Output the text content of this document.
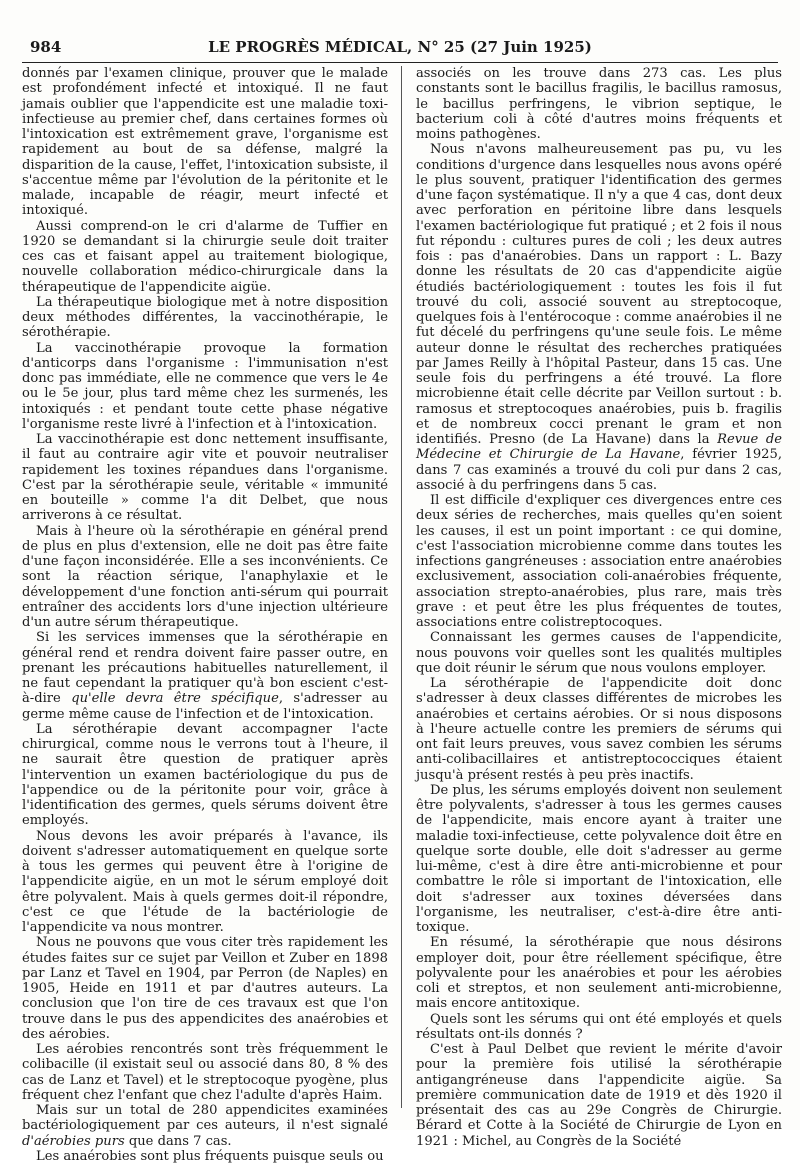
984	LE PROGRÈS MÉDICAL, N° 25 (27 Juin 1925)

donnés par l'examen clinique, prouver que le malade est profondément infecté et intoxiqué. Il ne faut jamais oublier que l'appendicite est une maladie toxi-infectieuse au premier chef, dans certaines formes où l'intoxication est extrêmement grave, l'organisme est rapidement au bout de sa défense, malgré la disparition de la cause, l'effet, l'intoxication subsiste, il s'accentue même par l'évolution de la péritonite et le malade, incapable de réagir, meurt infecté et intoxiqué.

Aussi comprend-on le cri d'alarme de Tuffier en 1920 se demandant si la chirurgie seule doit traiter ces cas et faisant appel au traitement biologique, nouvelle collaboration médico-chirurgicale dans la thérapeutique de l'appendicite aigüe.

La thérapeutique biologique met à notre disposition deux méthodes différentes, la vaccinothérapie, le sérothérapie.

La vaccinothérapie provoque la formation d'anticorps dans l'organisme : l'immunisation n'est donc pas immédiate, elle ne commence que vers le 4e ou le 5e jour, plus tard même chez les surmenés, les intoxiqués : et pendant toute cette phase négative l'organisme reste livré à l'infection et à l'intoxication.

La vaccinothérapie est donc nettement insuffisante, il faut au contraire agir vite et pouvoir neutraliser rapidement les toxines répandues dans l'organisme. C'est par la sérothérapie seule, véritable « immunité en bouteille » comme l'a dit Delbet, que nous arriverons à ce résultat.

Mais à l'heure où la sérothérapie en général prend de plus en plus d'extension, elle ne doit pas être faite d'une façon inconsidérée. Elle a ses inconvénients. Ce sont la réaction sérique, l'anaphylaxie et le développement d'une fonction anti-sérum qui pourrait entraîner des accidents lors d'une injection ultérieure d'un autre sérum thérapeutique.

Si les services immenses que la sérothérapie en général rend et rendra doivent faire passer outre, en prenant les précautions habituelles naturellement, il ne faut cependant la pratiquer qu'à bon escient c'est-à-dire qu'elle devra être spécifique, s'adresser au germe même cause de l'infection et de l'intoxication.

La sérothérapie devant accompagner l'acte chirurgical, comme nous le verrons tout à l'heure, il ne saurait être question de pratiquer après l'intervention un examen bactériologique du pus de l'appendice ou de la péritonite pour voir, grâce à l'identification des germes, quels sérums doivent être employés.

Nous devons les avoir préparés à l'avance, ils doivent s'adresser automatiquement en quelque sorte à tous les germes qui peuvent être à l'origine de l'appendicite aigüe, en un mot le sérum employé doit être polyvalent. Mais à quels germes doit-il répondre, c'est ce que l'étude de la bactériologie de l'appendicite va nous montrer.

Nous ne pouvons que vous citer très rapidement les études faites sur ce sujet par Veillon et Zuber en 1898 par Lanz et Tavel en 1904, par Perron (de Naples) en 1905, Heide en 1911 et par d'autres auteurs. La conclusion que l'on tire de ces travaux est que l'on trouve dans le pus des appendicites des anaérobies et des aérobies.

Les aérobies rencontrés sont très fréquemment le colibacille (il existait seul ou associé dans 80, 8 % des cas de Lanz et Tavel) et le streptocoque pyogène, plus fréquent chez l'enfant que chez l'adulte d'après Haim.

Mais sur un total de 280 appendicites examinées bactériologiquement par ces auteurs, il n'est signalé d'aérobies purs que dans 7 cas.

Les anaérobies sont plus fréquents puisque seuls ou

associés on les trouve dans 273 cas. Les plus constants sont le bacillus fragilis, le bacillus ramosus, le bacillus perfringens, le vibrion septique, le bacterium coli à côté d'autres moins fréquents et moins pathogènes.

Nous n'avons malheureusement pas pu, vu les conditions d'urgence dans lesquelles nous avons opéré le plus souvent, pratiquer l'identification des germes d'une façon systématique. Il n'y a que 4 cas, dont deux avec perforation en péritoine libre dans lesquels l'examen bactériologique fut pratiqué ; et 2 fois il nous fut répondu : cultures pures de coli ; les deux autres fois : pas d'anaérobies. Dans un rapport : L. Bazy donne les résultats de 20 cas d'appendicite aigüe étudiés bactériologiquement : toutes les fois il fut trouvé du coli, associé souvent au streptocoque, quelques fois à l'entérocoque : comme anaérobies il ne fut décelé du perfringens qu'une seule fois. Le même auteur donne le résultat des recherches pratiquées par James Reilly à l'hôpital Pasteur, dans 15 cas. Une seule fois du perfringens a été trouvé. La flore microbienne était celle décrite par Veillon surtout : b. ramosus et streptocoques anaérobies, puis b. fragilis et de nombreux cocci prenant le gram et non identifiés. Presno (de La Havane) dans la Revue de Médecine et Chirurgie de La Havane, février 1925, dans 7 cas examinés a trouvé du coli pur dans 2 cas, associé à du perfringens dans 5 cas.

Il est difficile d'expliquer ces divergences entre ces deux séries de recherches, mais quelles qu'en soient les causes, il est un point important : ce qui domine, c'est l'association microbienne comme dans toutes les infections gangréneuses : association entre anaérobies exclusivement, association coli-anaérobies fréquente, association strepto-anaérobies, plus rare, mais très grave : et peut être les plus fréquentes de toutes, associations entre colistreptocoques.

Connaissant les germes causes de l'appendicite, nous pouvons voir quelles sont les qualités multiples que doit réunir le sérum que nous voulons employer.

La sérothérapie de l'appendicite doit donc s'adresser à deux classes différentes de microbes les anaérobies et certains aérobies. Or si nous disposons à l'heure actuelle contre les premiers de sérums qui ont fait leurs preuves, vous savez combien les sérums anti-colibacillaires et antistreptococciques étaient jusqu'à présent restés à peu près inactifs.

De plus, les sérums employés doivent non seulement être polyvalents, s'adresser à tous les germes causes de l'appendicite, mais encore ayant à traiter une maladie toxi-infectieuse, cette polyvalence doit être en quelque sorte double, elle doit s'adresser au germe lui-même, c'est à dire être anti-microbienne et pour combattre le rôle si important de l'intoxication, elle doit s'adresser aux toxines déversées dans l'organisme, les neutraliser, c'est-à-dire être anti-toxique.

En résumé, la sérothérapie que nous désirons employer doit, pour être réellement spécifique, être polyvalente pour les anaérobies et pour les aérobies coli et streptos, et non seulement anti-microbienne, mais encore antitoxique.

Quels sont les sérums qui ont été employés et quels résultats ont-ils donnés ?

C'est à Paul Delbet que revient le mérite d'avoir pour la première fois utilisé la sérothérapie antigangréneuse dans l'appendicite aigüe. Sa première communication date de 1919 et dès 1920 il présentait des cas au 29e Congrès de Chirurgie. Bérard et Cotte à la Société de Chirurgie de Lyon en 1921 : Michel, au Congrès de la Société
